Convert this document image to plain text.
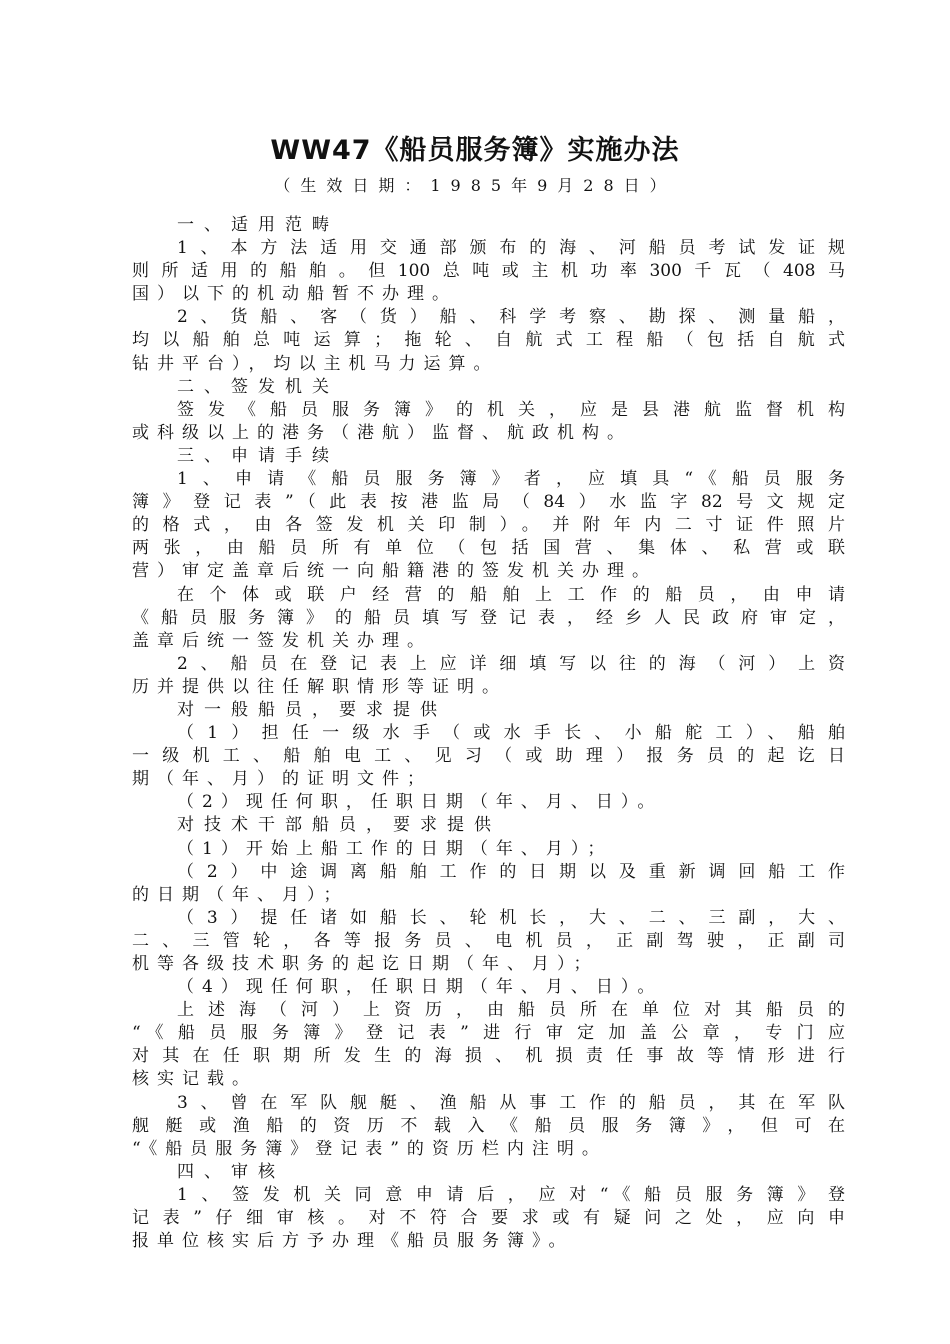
WW47《船员服务簿》实施办法
（生效日期：1985年9月28日）
一、适用范畴
1、本方法适用交通部颁布的海、河船员考试发证规
则所适用的船舶。但100总吨或主机功率300千瓦（408马
国）以下的机动船暂不办理。
2、货船、客（货）船、科学考察、勘探、测量船，
均以船舶总吨运算；拖轮、自航式工程船（包括自航式
钻井平台），均以主机马力运算。
二、签发机关
签发《船员服务簿》的机关，应是县港航监督机构
或科级以上的港务（港航）监督、航政机构。
三、申请手续
1、申请《船员服务簿》者，应填具“《船员服务
簿》登记表”（此表按港监局（84）水监字82号文规定
的格式，由各签发机关印制）。并附年内二寸证件照片
两张，由船员所有单位（包括国营、集体、私营或联
营）审定盖章后统一向船籍港的签发机关办理。
在个体或联户经营的船舶上工作的船员，由申请
《船员服务簿》的船员填写登记表，经乡人民政府审定，
盖章后统一签发机关办理。
2、船员在登记表上应详细填写以往的海（河）上资
历并提供以往任解职情形等证明。
对一般船员，要求提供
（1）担任一级水手（或水手长、小船舵工）、船舶
一级机工、船舶电工、见习（或助理）报务员的起讫日
期（年、月）的证明文件；
（2）现任何职，任职日期（年、月、日）。
对技术干部船员，要求提供
（1）开始上船工作的日期（年、月）；
（2）中途调离船舶工作的日期以及重新调回船工作
的日期（年、月）；
（3）提任诸如船长、轮机长，大、二、三副，大、
二、三管轮，各等报务员、电机员，正副驾驶，正副司
机等各级技术职务的起讫日期（年、月）；
（4）现任何职，任职日期（年、月、日）。
上述海（河）上资历，由船员所在单位对其船员的
“《船员服务簿》登记表”进行审定加盖公章，专门应
对其在任职期所发生的海损、机损责任事故等情形进行
核实记载。
3、曾在军队舰艇、渔船从事工作的船员，其在军队
舰艇或渔船的资历不载入《船员服务簿》，但可在
“《船员服务簿》登记表”的资历栏内注明。
四、审核
1、签发机关同意申请后，应对“《船员服务簿》登
记表”仔细审核。对不符合要求或有疑问之处，应向申
报单位核实后方予办理《船员服务簿》。
